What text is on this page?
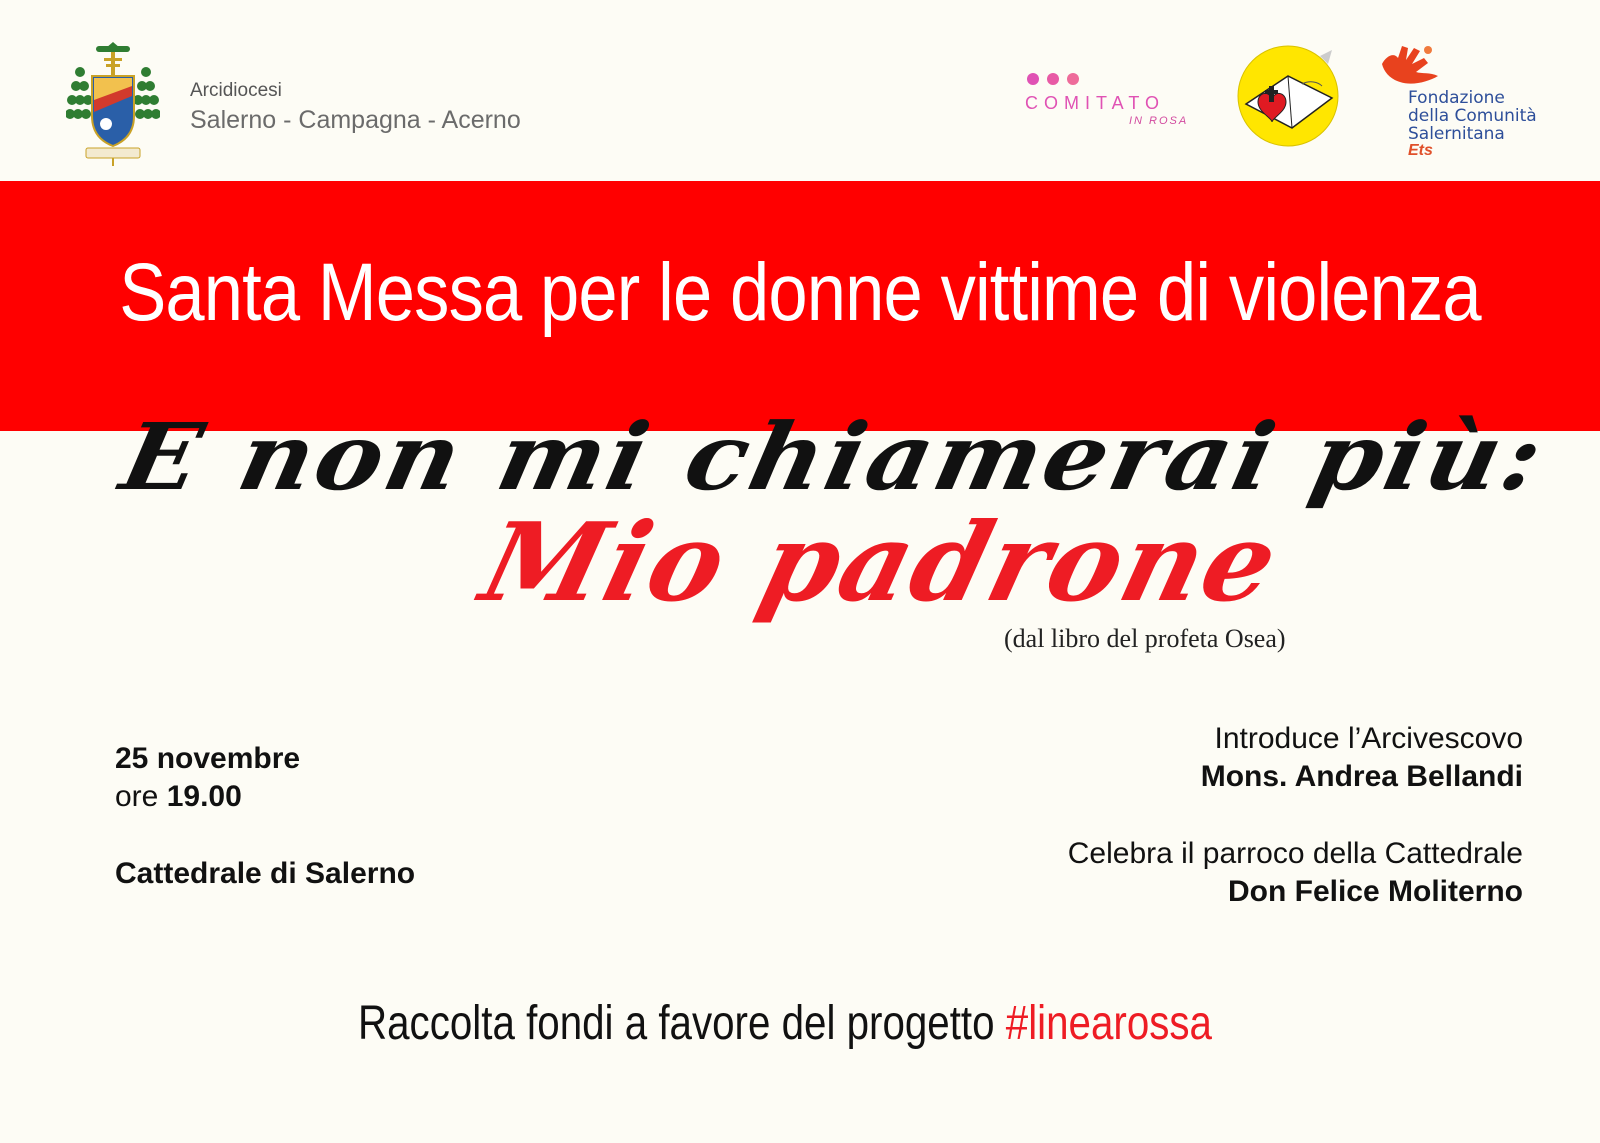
Arcidiocesi
Salerno - Campagna - Acerno
COMITATO
IN ROSA
Fondazione
della Comunità
Salernitana
Ets
Santa Messa per le donne vittime di violenza
E non mi chiamerai più:
Mio padrone
(dal libro del profeta Osea)
25 novembre
ore 19.00
Cattedrale di Salerno
Introduce l’Arcivescovo
Mons. Andrea Bellandi
Celebra il parroco della Cattedrale
Don Felice Moliterno
Raccolta fondi a favore del progetto #linearossa
